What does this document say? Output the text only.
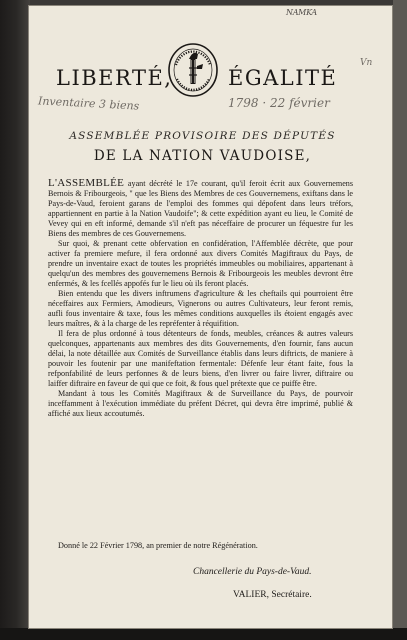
NAMKA
Vn
Inventaire 3 biens	1798 · 22 février
LIBERTÉ,	ÉGALITÉ
ASSEMBLÉE PROVISOIRE DES DÉPUTÉS
DE LA NATION VAUDOISE,

L'ASSEMBLÉE ayant décrété le 17e courant, qu'il feroit écrit aux Gouvernemens Bernois & Fribourgeois, " que les Biens des Membres de ces Gouvernemens, exiftans dans le Pays-de-Vaud, feroient garans de l'emploi des fommes qui dépofent dans leurs tréfors, appartiennent en partie à la Nation Vaudoife"; & cette expédition ayant eu lieu, le Comité de Vevey qui en eft informé, demande s'il n'eft pas néceffaire de procurer un féquestre fur les Biens des membres de ces Gouvernemens.

Sur quoi, & prenant cette obfervation en confidération, l'Affemblée décrète, que pour activer fa premiere mefure, il fera ordonné aux divers Comités Magiftraux du Pays, de prendre un inventaire exact de toutes les propriétés immeubles ou mobiliaires, appartenant à quelqu'un des membres des gouvernemens Bernois & Fribourgeois les meubles devront être enfermés, & les fcellés appofés fur le lieu où ils feront placés.

Bien entendu que les divers inftrumens d'agriculture & les cheftails qui pourroient être néceffaires aux Fermiers, Amodieurs, Vignerons ou autres Cultivateurs, leur feront remis, aufli fous inventaire & taxe, fous les mêmes conditions auxquelles ils étoient engagés avec leurs maîtres, & à la charge de les repréfenter à réquifition.

Il fera de plus ordonné à tous détenteurs de fonds, meubles, créances & autres valeurs quelconques, appartenants aux membres des dits Gouvernements, d'en fournir, fans aucun délai, la note détaillée aux Comités de Surveillance établis dans leurs diftricts, de maniere à pouvoir les foutenir par une manifeftation fermentale: Défenfe leur étant faite, fous la refponfabilité de leurs perfonnes & de leurs biens, d'en livrer ou faire livrer, diftraire ou laiffer diftraire en faveur de qui que ce foit, & fous quel prétexte que ce puiffe être.

Mandant à tous les Comités Magiftraux & de Surveillance du Pays, de pourvoir inceffamment à l'exécution immédiate du préfent Décret, qui devra être imprimé, publié & affiché aux lieux accoutumés.

Donné le 22 Février 1798, an premier de notre Régénération.
Chancellerie du Pays-de-Vaud.
VALIER, Secrétaire.
